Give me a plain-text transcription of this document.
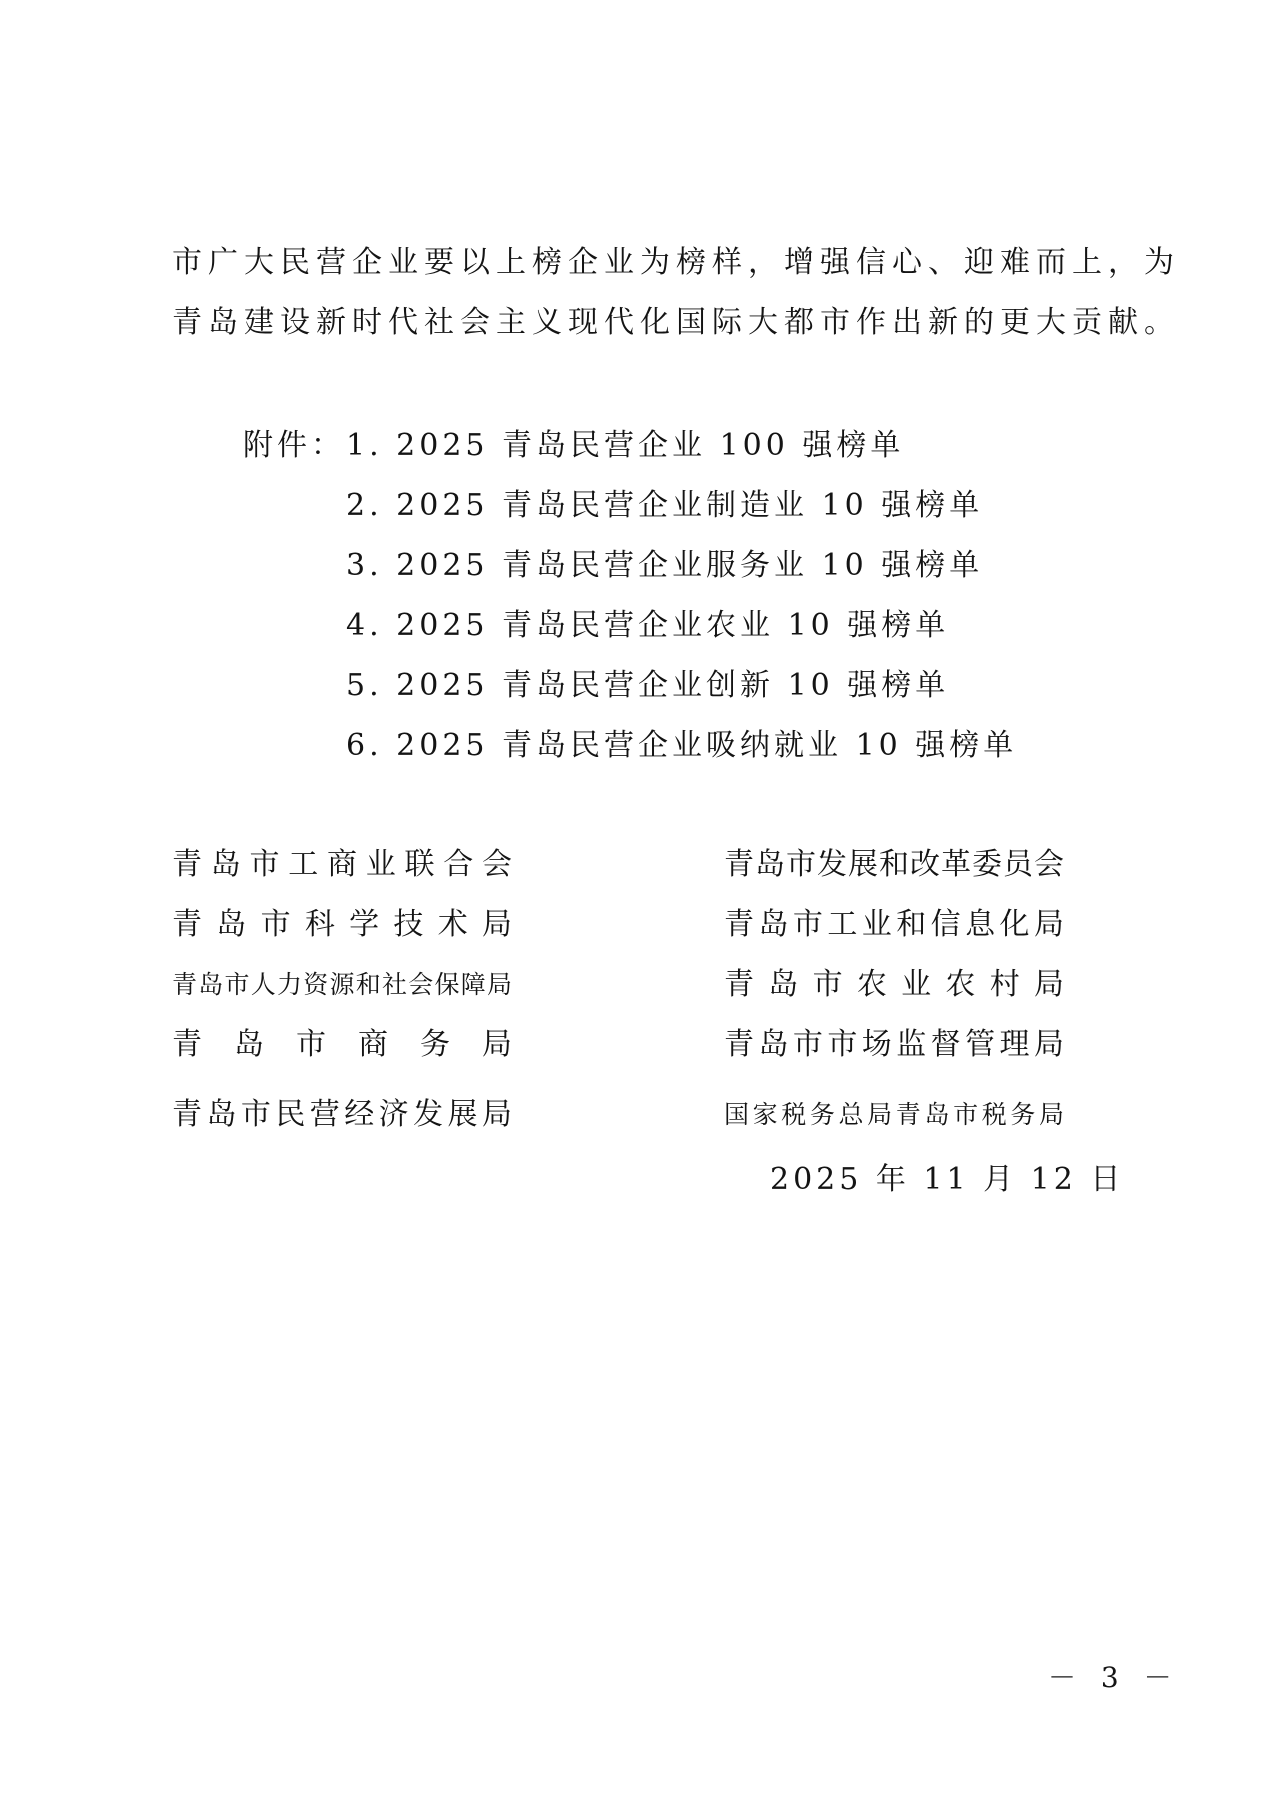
市广大民营企业要以上榜企业为榜样，增强信心、迎难而上，为
青岛建设新时代社会主义现代化国际大都市作出新的更大贡献。
附件： 1. 2025 青岛民营企业 100 强榜单
2. 2025 青岛民营企业制造业 10 强榜单
3. 2025 青岛民营企业服务业 10 强榜单
4. 2025 青岛民营企业农业 10 强榜单
5. 2025 青岛民营企业创新 10 强榜单
6. 2025 青岛民营企业吸纳就业 10 强榜单
青岛市工商业联合会
青岛市科学技术局
青岛市人力资源和社会保障局
青岛市商务局
青岛市民营经济发展局
青岛市发展和改革委员会
青岛市工业和信息化局
青岛市农业农村局
青岛市市场监督管理局
国家税务总局青岛市税务局
2025 年 11 月 12 日
－ 3 －
